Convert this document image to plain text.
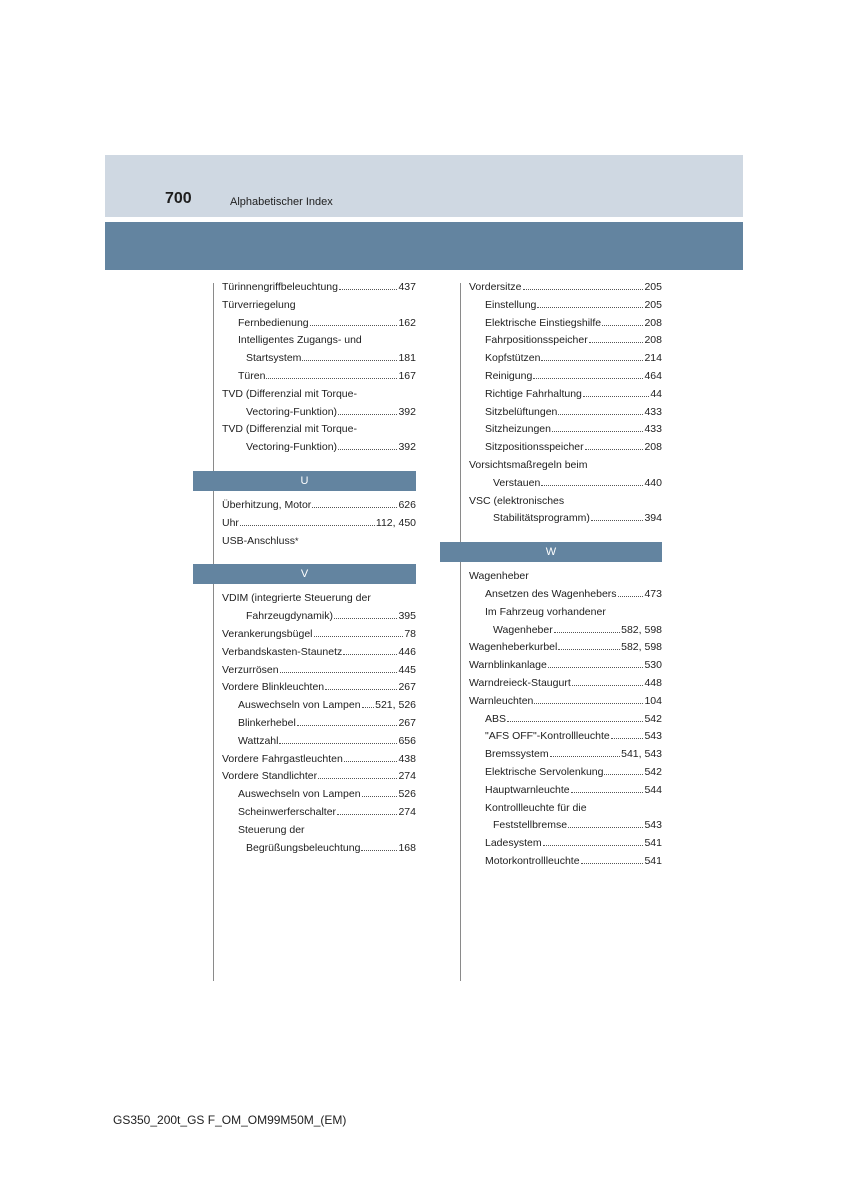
700	Alphabetischer Index
Türinnengriffbeleuchtung	437
Türverriegelung
Fernbedienung	162
Intelligentes Zugangs- und
Startsystem	181
Türen	167
TVD (Differenzial mit Torque-
Vectoring-Funktion)	392
TVD (Differenzial mit Torque-
Vectoring-Funktion)	392
U
Überhitzung, Motor	626
Uhr	112, 450
USB-Anschluss *
V
VDIM (integrierte Steuerung der
Fahrzeugdynamik)	395
Verankerungsbügel	78
Verbandskasten-Staunetz	446
Verzurrösen	445
Vordere Blinkleuchten	267
Auswechseln von Lampen 521, 526
Blinkerhebel	267
Wattzahl	656
Vordere Fahrgastleuchten	438
Vordere Standlichter	274
Auswechseln von Lampen	526
Scheinwerferschalter	274
Steuerung der
Begrüßungsbeleuchtung	168
Vordersitze	205
Einstellung	205
Elektrische Einstiegshilfe	208
Fahrpositionsspeicher	208
Kopfstützen	214
Reinigung	464
Richtige Fahrhaltung	44
Sitzbelüftungen	433
Sitzheizungen	433
Sitzpositionsspeicher	208
Vorsichtsmaßregeln beim
Verstauen	440
VSC (elektronisches
Stabilitätsprogramm)	394
W
Wagenheber
Ansetzen des Wagenhebers	473
Im Fahrzeug vorhandener
Wagenheber	582, 598
Wagenheberkurbel	582, 598
Warnblinkanlage	530
Warndreieck-Staugurt	448
Warnleuchten	104
ABS	542
"AFS OFF"-Kontrollleuchte	543
Bremssystem	541, 543
Elektrische Servolenkung	542
Hauptwarnleuchte	544
Kontrollleuchte für die
Feststellbremse	543
Ladesystem	541
Motorkontrollleuchte	541
GS350_200t_GS F_OM_OM99M50M_(EM)
